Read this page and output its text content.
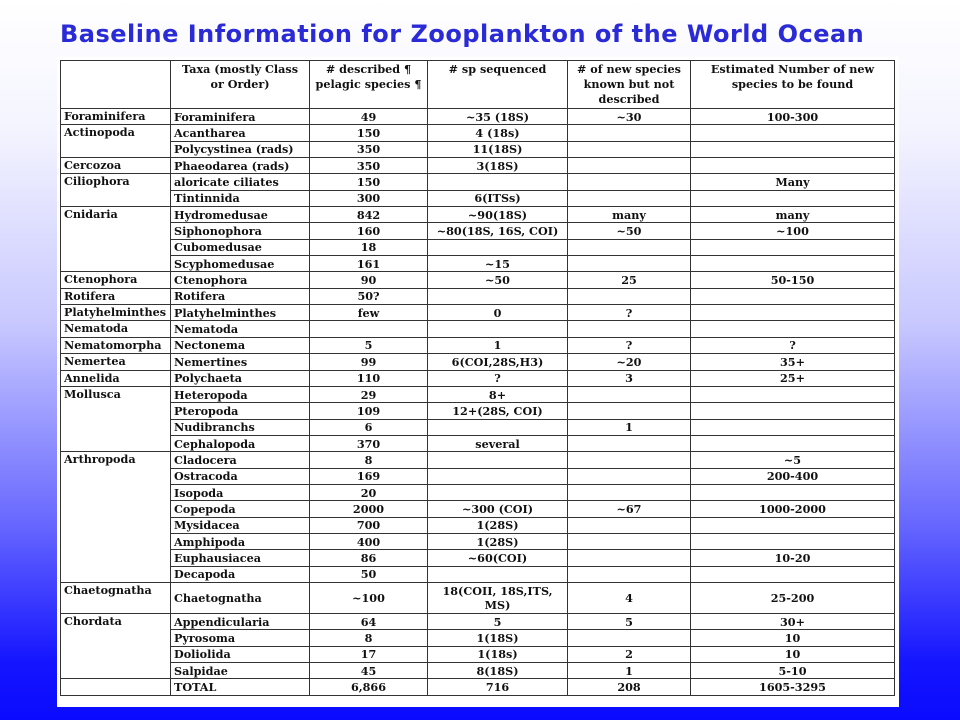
Baseline Information for Zooplankton of the World Ocean
	Taxa (mostly Class or Order)	# described ¶ pelagic species ¶	# sp sequenced	# of new species known but not described	Estimated Number of new species to be found
Foraminifera	Foraminifera	49	~35 (18S)	~30	100-300
Actinopoda	Acantharea	150	4 (18s)		
	Polycystinea (rads)	350	11(18S)		
Cercozoa	Phaeodarea (rads)	350	3(18S)		
Ciliophora	aloricate ciliates	150			Many
	Tintinnida	300	6(ITSs)		
Cnidaria	Hydromedusae	842	~90(18S)	many	many
	Siphonophora	160	~80(18S, 16S, COI)	~50	~100
	Cubomedusae	18			
	Scyphomedusae	161	~15		
Ctenophora	Ctenophora	90	~50	25	50-150
Rotifera	Rotifera	50?			
Platyhelminthes	Platyhelminthes	few	0	?	
Nematoda	Nematoda				
Nematomorpha	Nectonema	5	1	?	?
Nemertea	Nemertines	99	6(COI,28S,H3)	~20	35+
Annelida	Polychaeta	110	?	3	25+
Mollusca	Heteropoda	29	8+		
	Pteropoda	109	12+(28S, COI)		
	Nudibranchs	6		1	
	Cephalopoda	370	several		
Arthropoda	Cladocera	8			~5
	Ostracoda	169			200-400
	Isopoda	20			
	Copepoda	2000	~300 (COI)	~67	1000-2000
	Mysidacea	700	1(28S)		
	Amphipoda	400	1(28S)		
	Euphausiacea	86	~60(COI)		10-20
	Decapoda	50			
Chaetognatha	Chaetognatha	~100	18(COII, 18S,ITS, MS)	4	25-200
Chordata	Appendicularia	64	5	5	30+
	Pyrosoma	8	1(18S)		10
	Doliolida	17	1(18s)	2	10
	Salpidae	45	8(18S)	1	5-10
	TOTAL	6,866	716	208	1605-3295
